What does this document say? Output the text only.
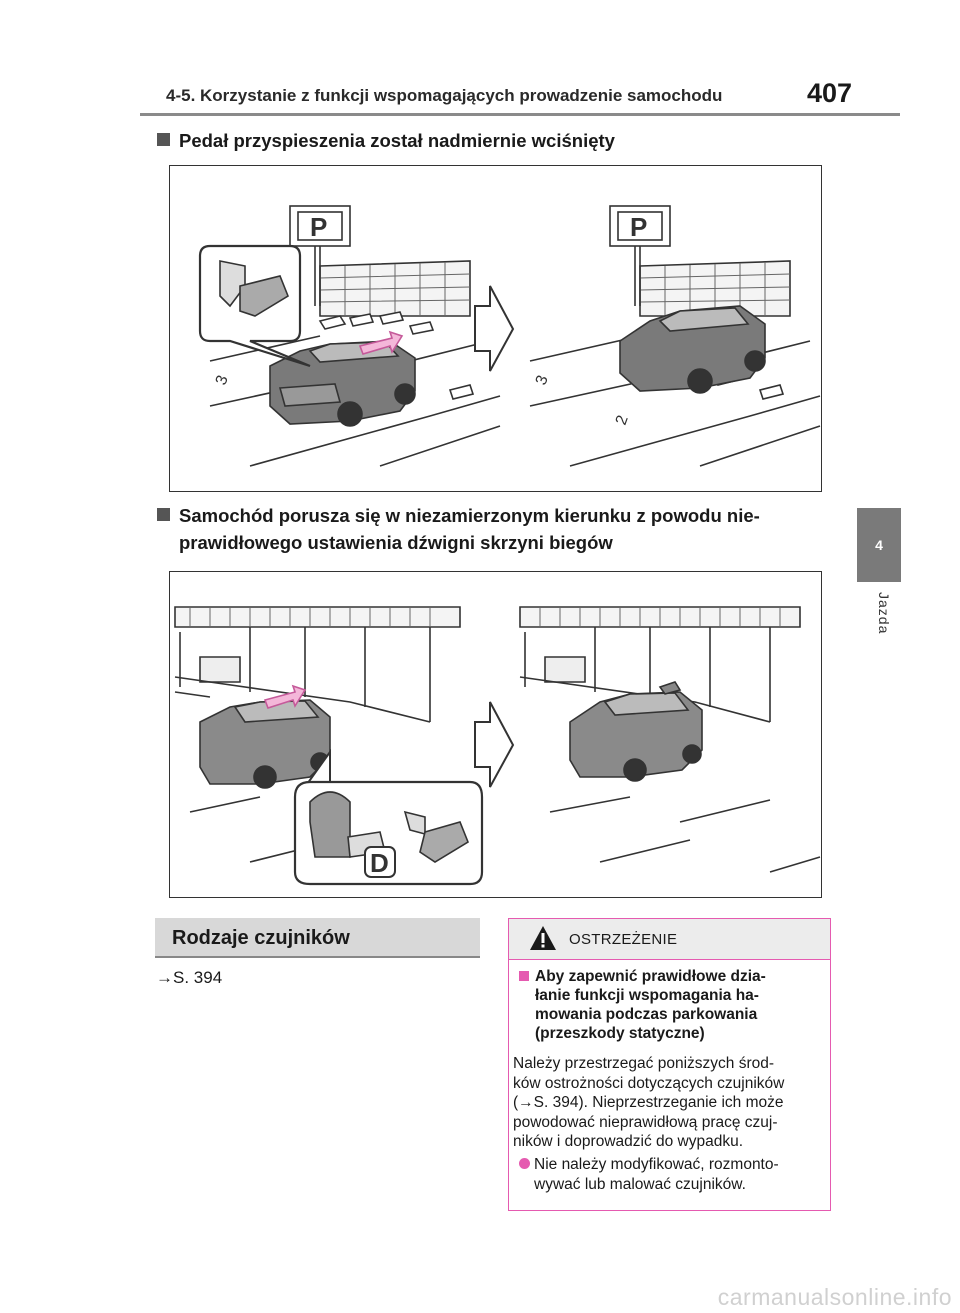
4-5. Korzystanie z funkcji wspomagających prowadzenie samochodu	407
4
Jazda
Pedał przyspieszenia został nadmiernie wciśnięty
P	P
3
2
3
Samochód porusza się w niezamierzonym kierunku z powodu nie-
prawidłowego ustawienia dźwigni skrzyni biegów
D
Rodzaje czujników
→S. 394
OSTRZEŻENIE
Aby zapewnić prawidłowe dzia-
łanie funkcji wspomagania ha-
mowania podczas parkowania
(przeszkody statyczne)
Należy przestrzegać poniższych środ-
ków ostrożności dotyczących czujników
(→S. 394). Nieprzestrzeganie ich może
powodować nieprawidłową pracę czuj-
ników i doprowadzić do wypadku.
Nie należy modyfikować, rozmonto-
wywać lub malować czujników.
carmanualsonline.info
